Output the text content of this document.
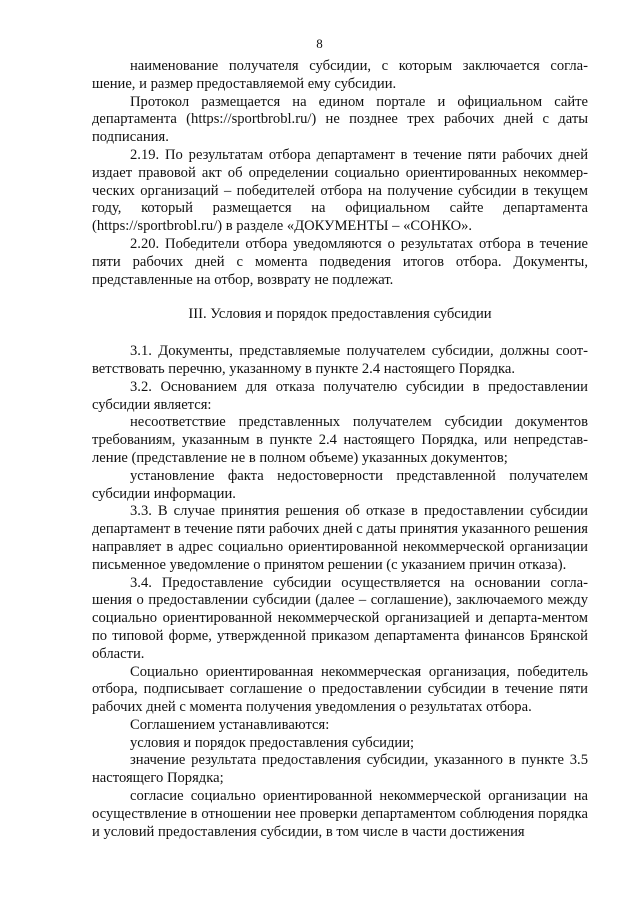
8

наименование получателя субсидии, с которым заключается согла-шение, и размер предоставляемой ему субсидии.

Протокол размещается на едином портале и официальном сайте департамента (https://sportbrobl.ru/) не позднее трех рабочих дней с даты подписания.

2.19. По результатам отбора департамент в течение пяти рабочих дней издает правовой акт об определении социально ориентированных некоммер-ческих организаций – победителей отбора на получение субсидии в текущем году, который размещается на официальном сайте департамента (https://sportbrobl.ru/) в разделе «ДОКУМЕНТЫ – «СОНКО».

2.20. Победители отбора уведомляются о результатах отбора в течение пяти рабочих дней с момента подведения итогов отбора. Документы, представленные на отбор, возврату не подлежат.

III. Условия и порядок предоставления субсидии

3.1. Документы, представляемые получателем субсидии, должны соот-ветствовать перечню, указанному в пункте 2.4 настоящего Порядка.

3.2. Основанием для отказа получателю субсидии в предоставлении субсидии является:

несоответствие представленных получателем субсидии документов требованиям, указанным в пункте 2.4 настоящего Порядка, или непредстав-ление (представление не в полном объеме) указанных документов;

установление факта недостоверности представленной получателем субсидии информации.

3.3. В случае принятия решения об отказе в предоставлении субсидии департамент в течение пяти рабочих дней с даты принятия указанного решения направляет в адрес социально ориентированной некоммерческой организации письменное уведомление о принятом решении (с указанием причин отказа).

3.4. Предоставление субсидии осуществляется на основании согла-шения о предоставлении субсидии (далее – соглашение), заключаемого между социально ориентированной некоммерческой организацией и департа-ментом по типовой форме, утвержденной приказом департамента финансов Брянской области.

Социально ориентированная некоммерческая организация, победитель отбора, подписывает соглашение о предоставлении субсидии в течение пяти рабочих дней с момента получения уведомления о результатах отбора.

Соглашением устанавливаются:

условия и порядок предоставления субсидии;

значение результата предоставления субсидии, указанного в пункте 3.5 настоящего Порядка;

согласие социально ориентированной некоммерческой организации на осуществление в отношении нее проверки департаментом соблюдения порядка и условий предоставления субсидии, в том числе в части достижения
